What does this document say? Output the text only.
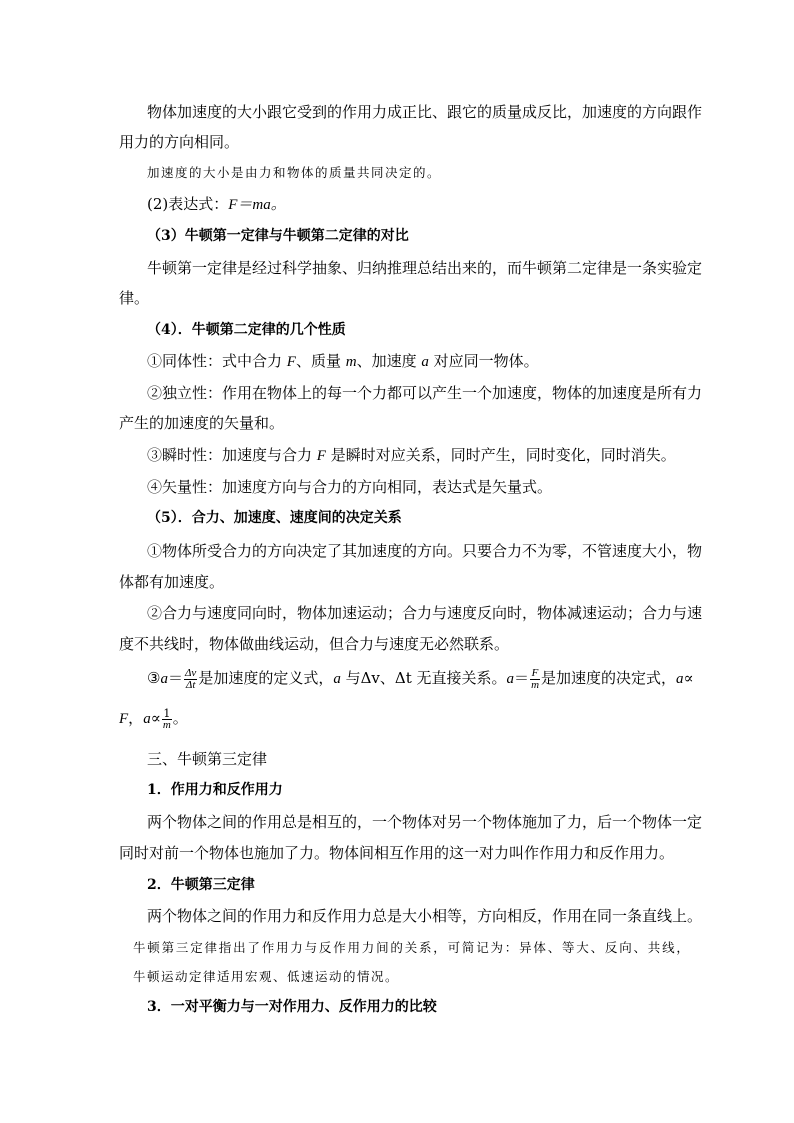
物体加速度的大小跟它受到的作用力成正比、跟它的质量成反比，加速度的方向跟作
用力的方向相同。
加速度的大小是由力和物体的质量共同决定的。
(2)表达式：F＝ma。
（3）牛顿第一定律与牛顿第二定律的对比
牛顿第一定律是经过科学抽象、归纳推理总结出来的，而牛顿第二定律是一条实验定
律。
（4）．牛顿第二定律的几个性质
①同体性：式中合力 F、质量 m、加速度 a 对应同一物体。
②独立性：作用在物体上的每一个力都可以产生一个加速度，物体的加速度是所有力
产生的加速度的矢量和。
③瞬时性：加速度与合力 F 是瞬时对应关系，同时产生，同时变化，同时消失。
④矢量性：加速度方向与合力的方向相同，表达式是矢量式。
（5）．合力、加速度、速度间的决定关系
①物体所受合力的方向决定了其加速度的方向。只要合力不为零，不管速度大小，物
体都有加速度。
②合力与速度同向时，物体加速运动；合力与速度反向时，物体减速运动；合力与速
度不共线时，物体做曲线运动，但合力与速度无必然联系。
③a＝ $\frac{\Delta v}{\Delta t}$ 是加速度的定义式，a 与Δv、Δt 无直接关系。$a= \frac{F}{m}$ 是加速度的决定式，a∝
F，$a\propto \frac{1}{m}$ 。
三、牛顿第三定律
1．作用力和反作用力
两个物体之间的作用总是相互的，一个物体对另一个物体施加了力，后一个物体一定
同时对前一个物体也施加了力。物体间相互作用的这一对力叫作作用力和反作用力。
2．牛顿第三定律
两个物体之间的作用力和反作用力总是大小相等，方向相反，作用在同一条直线上。
牛顿第三定律指出了作用力与反作用力间的关系，可简记为：异体、等大、反向、共线，
牛顿运动定律适用宏观、低速运动的情况。
3．一对平衡力与一对作用力、反作用力的比较
